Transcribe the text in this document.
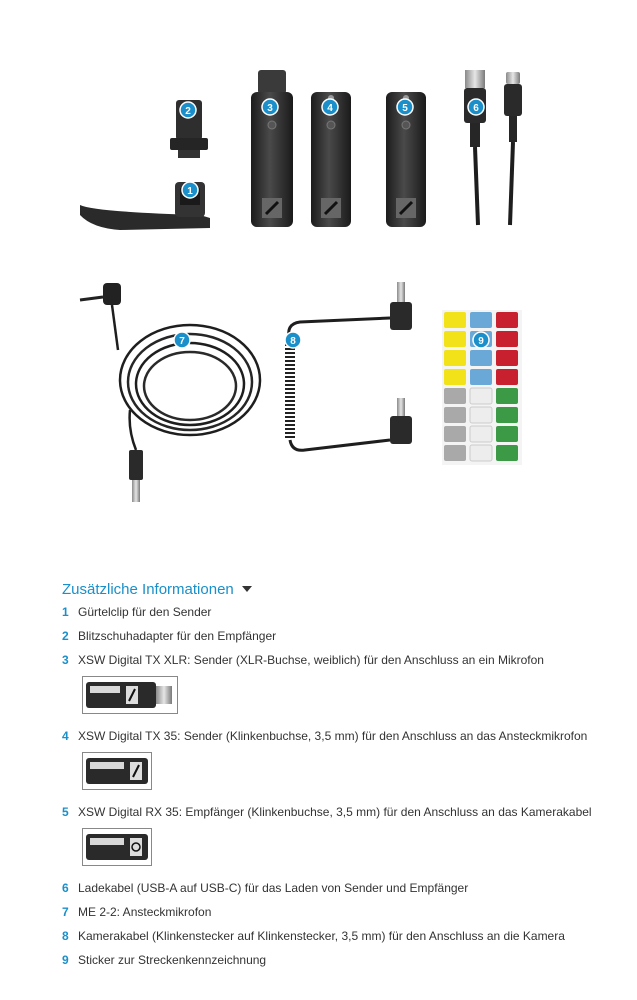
1
2	3	4	5	6
7	8	9
Zusätzliche Informationen
1 Gürtelclip für den Sender
2 Blitzschuhadapter für den Empfänger
3 XSW Digital TX XLR: Sender (XLR-Buchse, weiblich) für den Anschluss an ein Mikrofon
4 XSW Digital TX 35: Sender (Klinkenbuchse, 3,5 mm) für den Anschluss an das Ansteckmikrofon
5 XSW Digital RX 35: Empfänger (Klinkenbuchse, 3,5 mm) für den Anschluss an das Kamerakabel
6 Ladekabel (USB-A auf USB-C) für das Laden von Sender und Empfänger
7 ME 2-2: Ansteckmikrofon
8 Kamerakabel (Klinkenstecker auf Klinkenstecker, 3,5 mm) für den Anschluss an die Kamera
9 Sticker zur Streckenkennzeichnung
